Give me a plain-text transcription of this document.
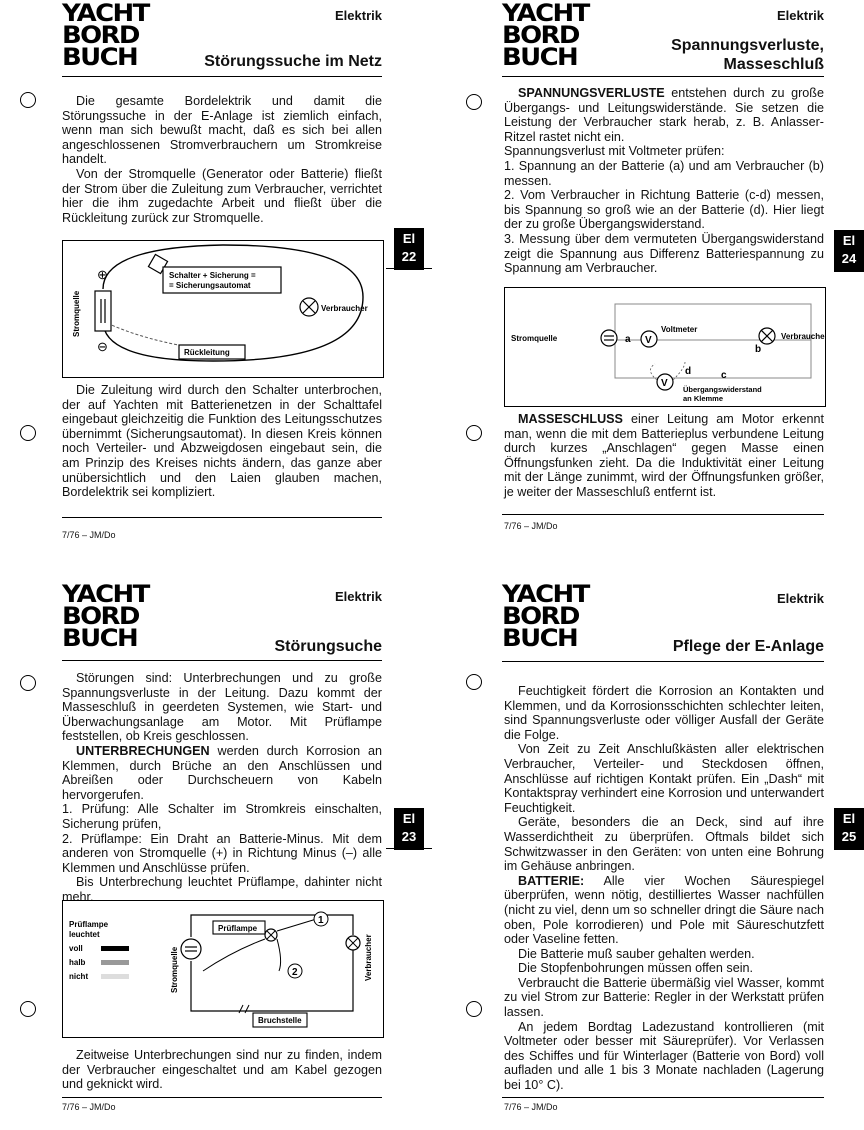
YACHT
BORD
BUCH
Elektrik
Störungssuche im Netz

Die gesamte Bordelektrik und damit die Störungssuche in der E-Anlage ist ziemlich einfach, wenn man sich bewußt macht, daß es sich bei allen angeschlossenen Stromverbrauchern um Stromkreise handelt.

Von der Stromquelle (Generator oder Batterie) fließt der Strom über die Zuleitung zum Verbraucher, verrichtet hier die ihm zugedachte Arbeit und fließt über die Rückleitung zurück zur Stromquelle.

Schalter + Sicherung =
= Sicherungsautomat
Verbraucher
Rückleitung
Stromquelle
⊕
⊖

Die Zuleitung wird durch den Schalter unterbrochen, der auf Yachten mit Batterienetzen in der Schalttafel eingebaut gleichzeitig die Funktion des Leitungsschutzes übernimmt (Sicherungsautomat). In diesen Kreis können noch Verteiler- und Abzweigdosen eingebaut sein, die am Prinzip des Kreises nichts ändern, das ganze aber unübersichtlich und den Laien glauben machen, Bordelektrik sei kompliziert.

7/76 – JM/Do
El
22
YACHT
BORD
BUCH
Elektrik
Spannungsverluste,
Masseschluß

SPANNUNGSVERLUSTE entstehen durch zu große Übergangs- und Leitungswiderstände. Sie setzen die Leistung der Verbraucher stark herab, z. B. Anlasser-Ritzel rastet nicht ein.

Spannungsverlust mit Voltmeter prüfen:

1. Spannung an der Batterie (a) und am Verbraucher (b) messen.

2. Vom Verbraucher in Richtung Batterie (c-d) messen, bis Spannung so groß wie an der Batterie (d). Hier liegt der zu große Übergangswiderstand.

3. Messung über dem vermuteten Übergangswiderstand zeigt die Spannung aus Differenz Batteriespannung zu Spannung am Verbraucher.

V
V
Stromquelle	a
Voltmeter
Verbraucher
b
d	c
Übergangswiderstand
an Klemme

MASSESCHLUSS einer Leitung am Motor erkennt man, wenn die mit dem Batterieplus verbundene Leitung durch kurzes „Anschlagen“ gegen Masse einen Öffnungsfunken zieht. Da die Induktivität einer Leitung mit der Länge zunimmt, wird der Öffnungsfunken größer, je weiter der Masseschluß entfernt ist.

7/76 – JM/Do
El
24
YACHT
BORD
BUCH
Elektrik
Störungsuche

Störungen sind: Unterbrechungen und zu große Spannungsverluste in der Leitung. Dazu kommt der Masseschluß in geerdeten Systemen, wie Start- und Überwachungsanlage am Motor. Mit Prüflampe feststellen, ob Kreis geschlossen.

UNTERBRECHUNGEN werden durch Korrosion an Klemmen, durch Brüche an den Anschlüssen und Abreißen oder Durchscheuern von Kabeln hervorgerufen.

1. Prüfung: Alle Schalter im Stromkreis einschalten, Sicherung prüfen,

2. Prüflampe: Ein Draht an Batterie-Minus. Mit dem anderen von Stromquelle (+) in Richtung Minus (–) alle Klemmen und Anschlüsse prüfen.

Bis Unterbrechung leuchtet Prüflampe, dahinter nicht mehr.

Prüflampe
leuchtet
voll
halb
nicht
Prüflampe
1
2
Stromquelle	Verbraucher
Bruchstelle

Zeitweise Unterbrechungen sind nur zu finden, indem der Verbraucher eingeschaltet und am Kabel gezogen und geknickt wird.

7/76 – JM/Do
El
23
YACHT
BORD
BUCH
Elektrik
Pflege der E-Anlage

Feuchtigkeit fördert die Korrosion an Kontakten und Klemmen, und da Korrosionsschichten schlechter leiten, sind Spannungsverluste oder völliger Ausfall der Geräte die Folge.

Von Zeit zu Zeit Anschlußkästen aller elektrischen Verbraucher, Verteiler- und Steckdosen öffnen, Anschlüsse auf richtigen Kontakt prüfen. Ein „Dash“ mit Kontaktspray verhindert eine Korrosion und unterwandert Feuchtigkeit.

Geräte, besonders die an Deck, sind auf ihre Wasserdichtheit zu überprüfen. Oftmals bildet sich Schwitzwasser in den Geräten: von unten eine Bohrung im Gehäuse anbringen.

BATTERIE: Alle vier Wochen Säurespiegel überprüfen, wenn nötig, destilliertes Wasser nachfüllen (nicht zu viel, denn um so schneller dringt die Säure nach oben, Pole korrodieren) und Pole mit Säureschutzfett oder Vaseline fetten.

Die Batterie muß sauber gehalten werden.

Die Stopfenbohrungen müssen offen sein.

Verbraucht die Batterie übermäßig viel Wasser, kommt zu viel Strom zur Batterie: Regler in der Werkstatt prüfen lassen.

An jedem Bordtag Ladezustand kontrollieren (mit Voltmeter oder besser mit Säureprüfer). Vor Verlassen des Schiffes und für Winterlager (Batterie von Bord) voll aufladen und alle 1 bis 3 Monate nachladen (Lagerung bei 10° C).

7/76 – JM/Do
El
25
